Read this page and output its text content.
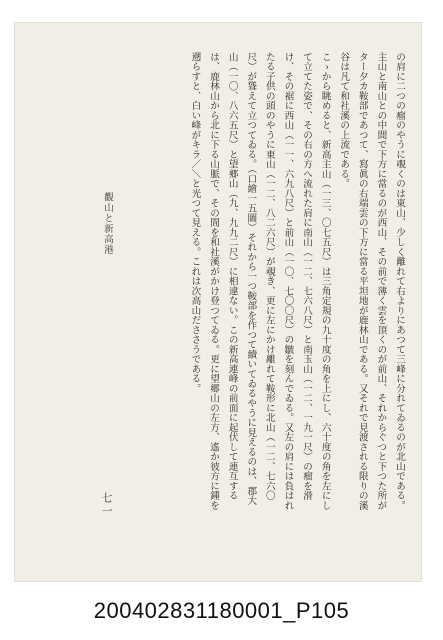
の肩に二つの瘤のやうに覗くのは東山、少しく離れて右よりにあつて三峰に分れてゐるのが北山である。主山と南山との中間で下方に當るのが西山、その前で薄く雲を頂くのが前山、それからぐつと下つた所がター夕カ鞍部であつて、寫眞の右端雲の下方に當る平坦地が鹿林山である。又それで見渡される限りの溪谷は凡て和社溪の上流である。

こゝから眺めると、新高主山（一三、〇七五尺）は三角定規の九十度の角を上にし、六十度の角を左にして立てた姿で、その右の方へ流れた肩に南山（一二、七六八尺）と南玉山（一二、一九一尺）の瘤を滑け、その裾に西山（一一、六九八尺）と前山（一〇、七〇〇尺）の皺を刻んでゐる。又左の肩には負はれたる子供の頭のやうに東山（一二、八二六尺）が覗き、更に左にかけ離れて鞍形に北山（一二、七六〇尺）が聳えて立つてゐる。（口繪一五圖）それから一つ鞍部を作つて續いてゐるやうに見えるのは、郡大山（一〇、八六五尺）と望郷山（九、九九二尺）に相違ない。この新高連峰の前面に起伏して連互するは、鹿林山から北に下る山脈で、その間を和社溪がかけ登つてゐる。更に望郷山の左方、遙か彼方に鍾を遡らすと、白い峰がキラ／＼と光つて見える。これは次高山だささうである。

觀山と新高港
七一
200402831180001_P105
